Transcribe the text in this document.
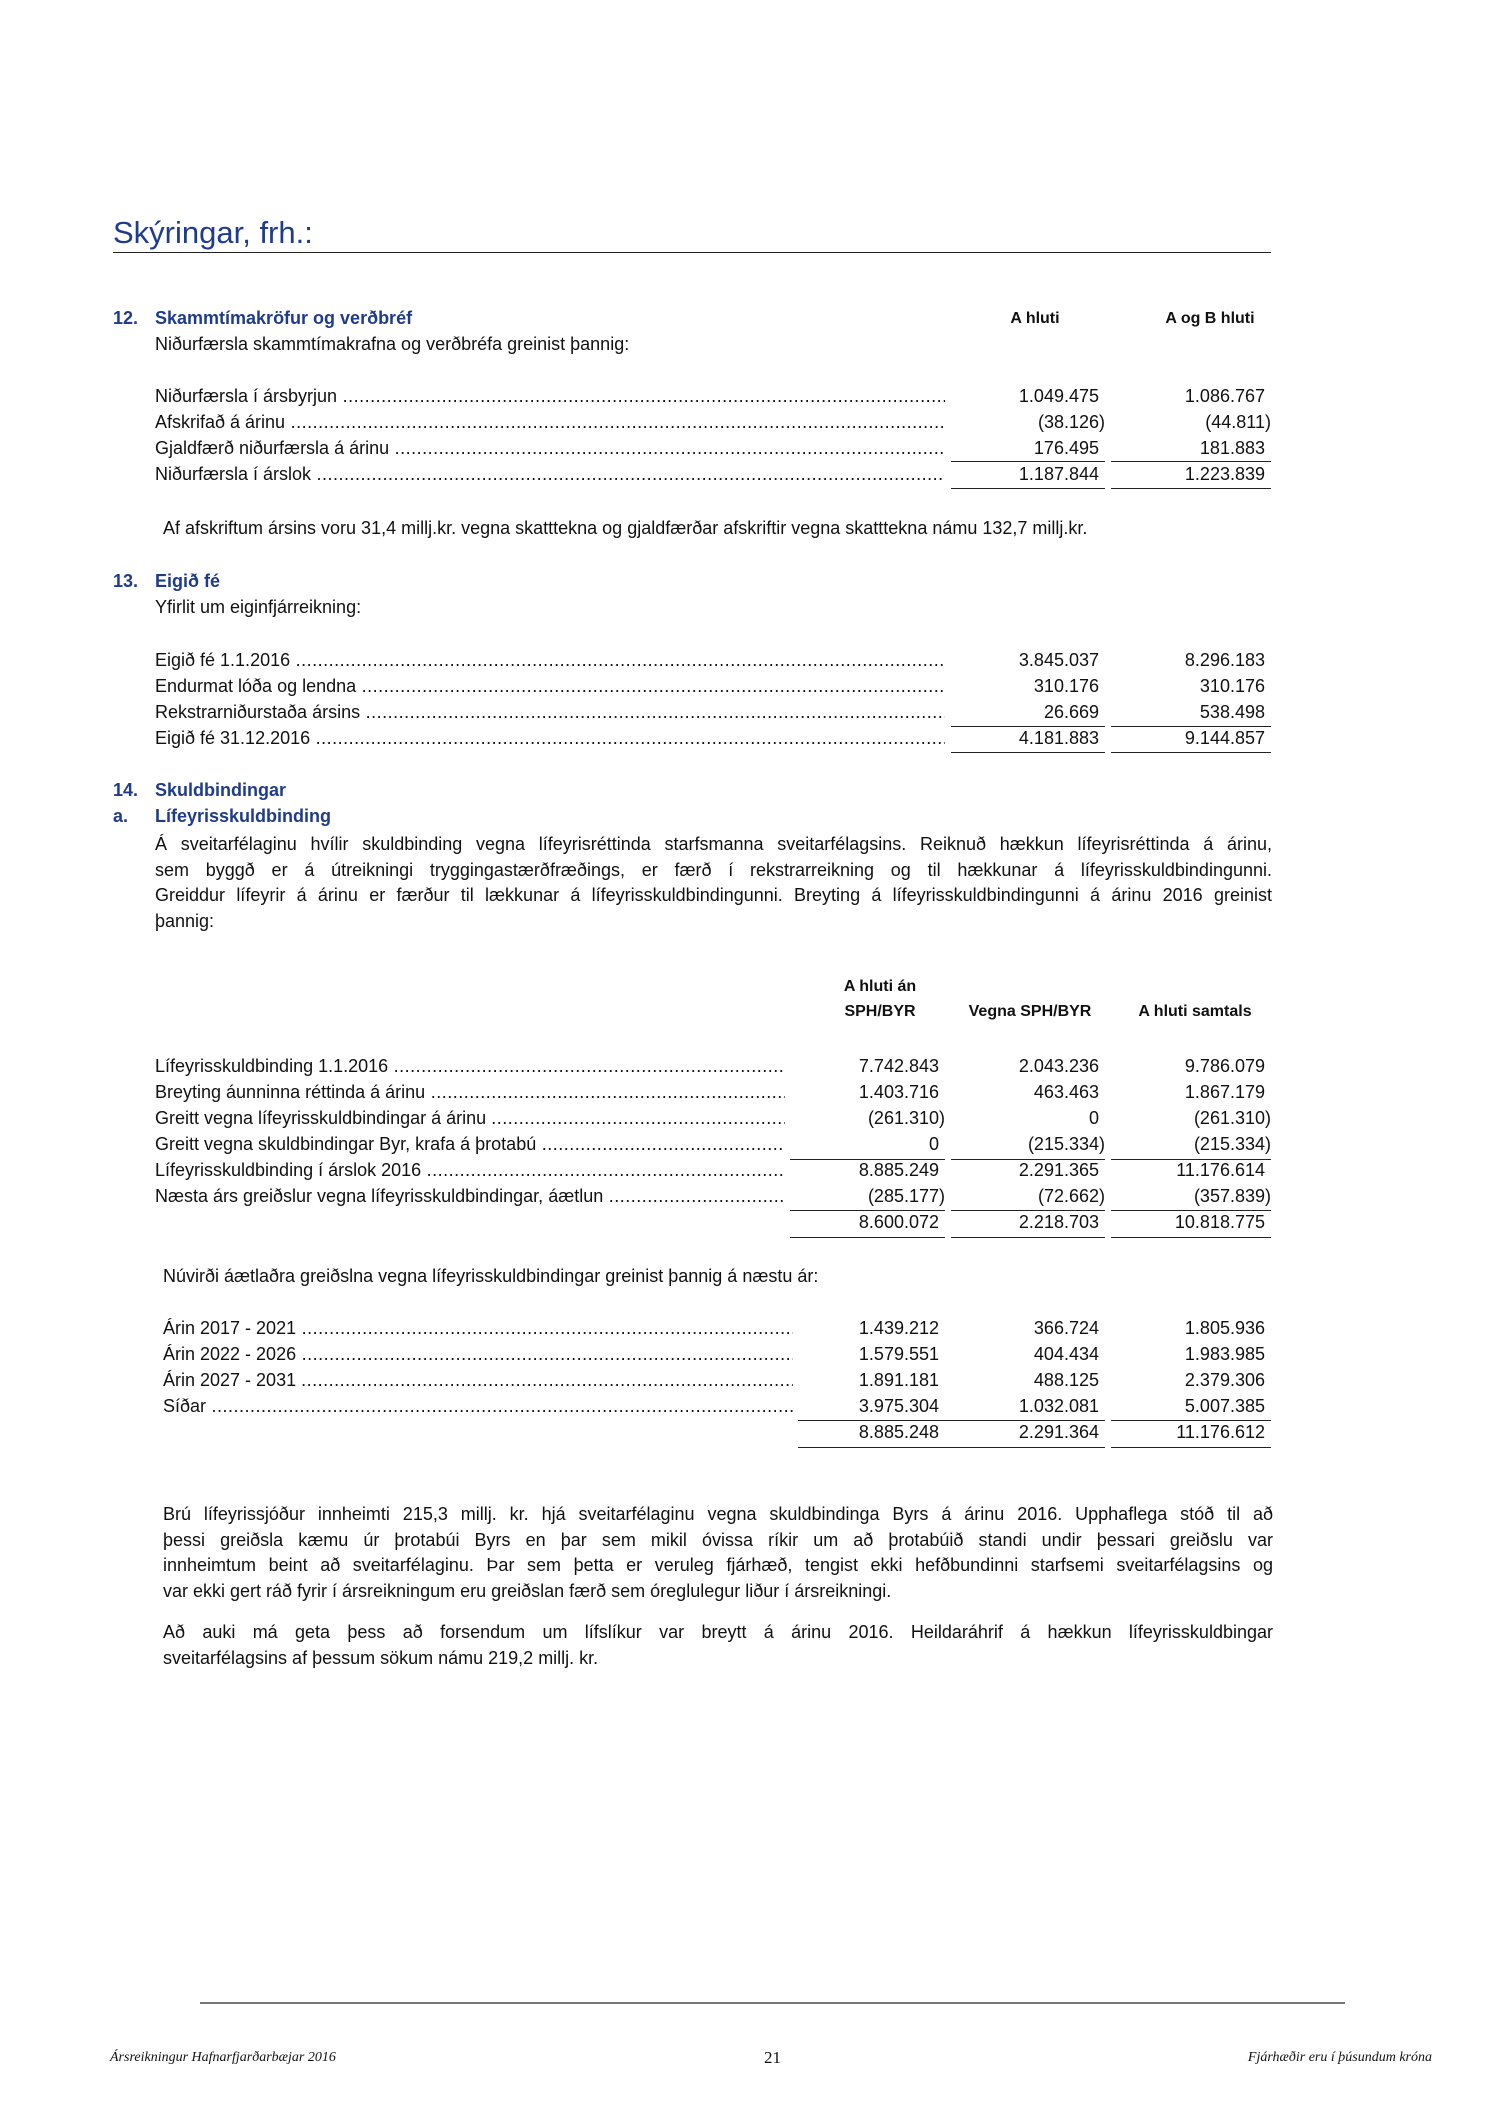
Skýringar, frh.:
12. Skammtímakröfur og verðbréf	A hluti	A og B hluti
Niðurfærsla skammtímakrafna og verðbréfa greinist þannig:
Niðurfærsla í ársbyrjun .....	1.049.475	1.086.767
Afskrifað á árinu .....	(38.126)	(44.811)
Gjaldfærð niðurfærsla á árinu .....	176.495	181.883
Niðurfærsla í árslok .....	1.187.844	1.223.839
Af afskriftum ársins voru 31,4 millj.kr. vegna skatttekna og gjaldfærðar afskriftir vegna skatttekna námu 132,7 millj.kr.
13. Eigið fé
Yfirlit um eiginfjárreikning:
Eigið fé 1.1.2016 .....	3.845.037	8.296.183
Endurmat lóða og lendna .....	310.176	310.176
Rekstrarniðurstaða ársins .....	26.669	538.498
Eigið fé 31.12.2016 .....	4.181.883	9.144.857
14. Skuldbindingar
a. Lífeyrisskuldbinding
Á sveitarfélaginu hvílir skuldbinding vegna lífeyrisréttinda starfsmanna sveitarfélagsins. Reiknuð hækkun lífeyrisréttinda á árinu,
sem byggð er á útreikningi tryggingastærðfræðings, er færð í rekstrarreikning og til hækkunar á lífeyrisskuldbindingunni.
Greiddur lífeyrir á árinu er færður til lækkunar á lífeyrisskuldbindingunni. Breyting á lífeyrisskuldbindingunni á árinu 2016 greinist
þannig:
A hluti án
SPH/BYR	Vegna SPH/BYR	A hluti samtals
Lífeyrisskuldbinding 1.1.2016 .....	7.742.843	2.043.236	9.786.079
Breyting áunninna réttinda á árinu .....	1.403.716	463.463	1.867.179
Greitt vegna lífeyrisskuldbindingar á árinu .....	(261.310)	0	(261.310)
Greitt vegna skuldbindingar Byr, krafa á þrotabú .....	0	(215.334)	(215.334)
Lífeyrisskuldbinding í árslok 2016 .....	8.885.249	2.291.365	11.176.614
Næsta árs greiðslur vegna lífeyrisskuldbindingar, áætlun .....	(285.177)	(72.662)	(357.839)
8.600.072	2.218.703	10.818.775
Núvirði áætlaðra greiðslna vegna lífeyrisskuldbindingar greinist þannig á næstu ár:
Árin 2017 - 2021 .....	1.439.212	366.724	1.805.936
Árin 2022 - 2026 .....	1.579.551	404.434	1.983.985
Árin 2027 - 2031 .....	1.891.181	488.125	2.379.306
Síðar .....	3.975.304	1.032.081	5.007.385
8.885.248	2.291.364	11.176.612
Brú lífeyrissjóður innheimti 215,3 millj. kr. hjá sveitarfélaginu vegna skuldbindinga Byrs á árinu 2016. Upphaflega stóð til að
þessi greiðsla kæmu úr þrotabúi Byrs en þar sem mikil óvissa ríkir um að þrotabúið standi undir þessari greiðslu var
innheimtum beint að sveitarfélaginu. Þar sem þetta er veruleg fjárhæð, tengist ekki hefðbundinni starfsemi sveitarfélagsins og
var ekki gert ráð fyrir í ársreikningum eru greiðslan færð sem óreglulegur liður í ársreikningi.
Að auki má geta þess að forsendum um lífslíkur var breytt á árinu 2016. Heildaráhrif á hækkun lífeyrisskuldbingar
sveitarfélagsins af þessum sökum námu 219,2 millj. kr.
Ársreikningur Hafnarfjarðarbæjar 2016	21	Fjárhæðir eru í þúsundum króna
